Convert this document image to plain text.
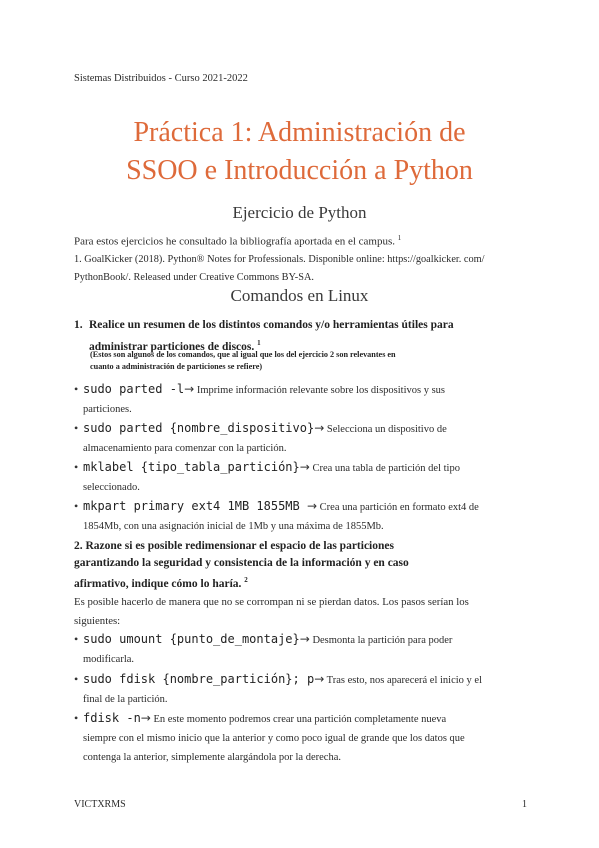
Sistemas Distribuidos - Curso 2021-2022
Práctica 1: Administración de
SSOO e Introducción a Python
Ejercicio de Python
Para estos ejercicios he consultado la bibliografía aportada en el campus. $^1$
1. GoalKicker (2018). Python® Notes for Professionals. Disponible online: https://goalkicker. com/
PythonBook/. Released under Creative Commons BY-SA.
Comandos en Linux
1. Realice un resumen de los distintos comandos y/o herramientas útiles para
administrar particiones de discos. $^1$
(Estos son algunos de los comandos, que al igual que los del ejercicio 2 son relevantes en
cuanto a administración de particiones se refiere)
• sudo parted -l→ Imprime información relevante sobre los dispositivos y sus
particiones.
• sudo parted {nombre_dispositivo}→ Selecciona un dispositivo de
almacenamiento para comenzar con la partición.
• mklabel {tipo_tabla_partición}→ Crea una tabla de partición del tipo
seleccionado.
• mkpart primary ext4 1MB 1855MB → Crea una partición en formato ext4 de
1854Mb, con una asignación inicial de 1Mb y una máxima de 1855Mb.
2. Razone si es posible redimensionar el espacio de las particiones
garantizando la seguridad y consistencia de la información y en caso
afirmativo, indique cómo lo haría. $^2$
Es posible hacerlo de manera que no se corrompan ni se pierdan datos. Los pasos serían los
siguientes:
• sudo umount {punto_de_montaje}→ Desmonta la partición para poder
modificarla.
• sudo fdisk {nombre_partición}; p→ Tras esto, nos aparecerá el inicio y el
final de la partición.
• fdisk -n→ En este momento podremos crear una partición completamente nueva
siempre con el mismo inicio que la anterior y como poco igual de grande que los datos que
contenga la anterior, simplemente alargándola por la derecha.
VICTXRMS	1
